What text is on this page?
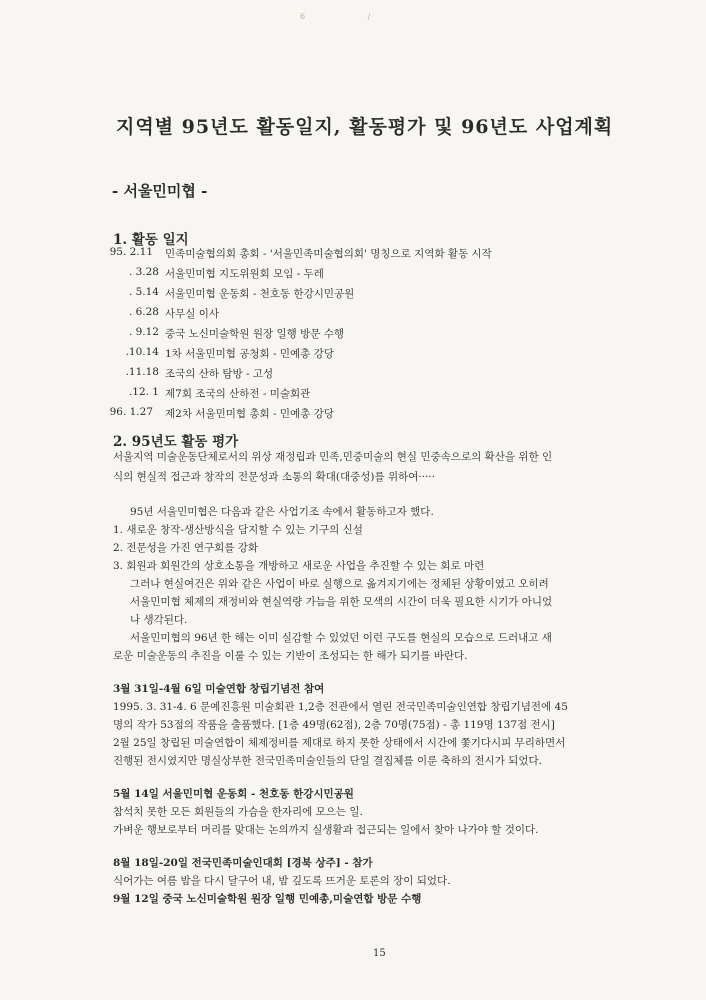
6 /
지역별 95년도 활동일지, 활동평가 및 96년도 사업계획
- 서울민미협 -
1. 활동 일지
95. 2.11 민족미술협의회 총회 - '서울민족미술협의회' 명칭으로 지역화 활동 시작
. 3.28 서울민미협 지도위원회 모임 - 두레
. 5.14 서울민미협 운동회 - 천호동 한강시민공원
. 6.28 사무실 이사
. 9.12 중국 노신미술학원 원장 일행 방문 수행
.10.14 1차 서울민미협 공청회 - 민예총 강당
.11.18 조국의 산하 탐방 - 고성
.12. 1 제7회 조국의 산하전 - 미술회관
96. 1.27 제2차 서울민미협 총회 - 민예총 강당
2. 95년도 활동 평가
서울지역 미술운동단체로서의 위상 재정립과 민족,민중미술의 현실 민중속으로의 확산을 위한 인
식의 현실적 접근과 창작의 전문성과 소통의 확대(대중성)를 위하여·····
95년 서울민미협은 다음과 같은 사업기조 속에서 활동하고자 했다.
1. 새로운 창작-생산방식을 담지할 수 있는 기구의 신설
2. 전문성을 가진 연구회를 강화
3. 회원과 회원간의 상호소통을 개방하고 새로운 사업을 추진할 수 있는 회로 마련
그러나 현실여건은 위와 같은 사업이 바로 실행으로 옮겨지기에는 정체된 상황이였고 오히려
서울민미협 체제의 재정비와 현실역량 가늠을 위한 모색의 시간이 더욱 필요한 시기가 아니었
나 생각된다.
서울민미협의 96년 한 해는 이미 실감할 수 있었던 이런 구도를 현실의 모습으로 드러내고 새
로운 미술운동의 추진을 이룰 수 있는 기반이 조성되는 한 해가 되기를 바란다.
3월 31일-4월 6일 미술연합 창립기념전 참여
1995. 3. 31-4. 6 문예진흥원 미술회관 1,2층 전관에서 열린 전국민족미술인연합 창립기념전에 45
명의 작가 53점의 작품을 출품했다. [1층 49명(62점), 2층 70명(75점) - 총 119명 137점 전시]
2월 25일 창립된 미술연합이 체제정비를 제대로 하지 못한 상태에서 시간에 쫓기다시피 무리하면서
진행된 전시였지만 명실상부한 전국민족미술인들의 단일 결집체를 이룬 축하의 전시가 되었다.
5월 14일 서울민미협 운동회 - 천호동 한강시민공원
참석치 못한 모든 회원들의 가슴을 한자리에 모으는 일.
가벼운 행보로부터 머리를 맞대는 논의까지 실생활과 접근되는 일에서 찾아 나가야 할 것이다.
8월 18일-20일 전국민족미술인대회 [경북 상주] - 참가
식어가는 여름 밤을 다시 달구어 내, 밤 깊도록 뜨거운 토론의 장이 되었다.
9월 12일 중국 노신미술학원 원장 일행 민예총,미술연합 방문 수행
15
